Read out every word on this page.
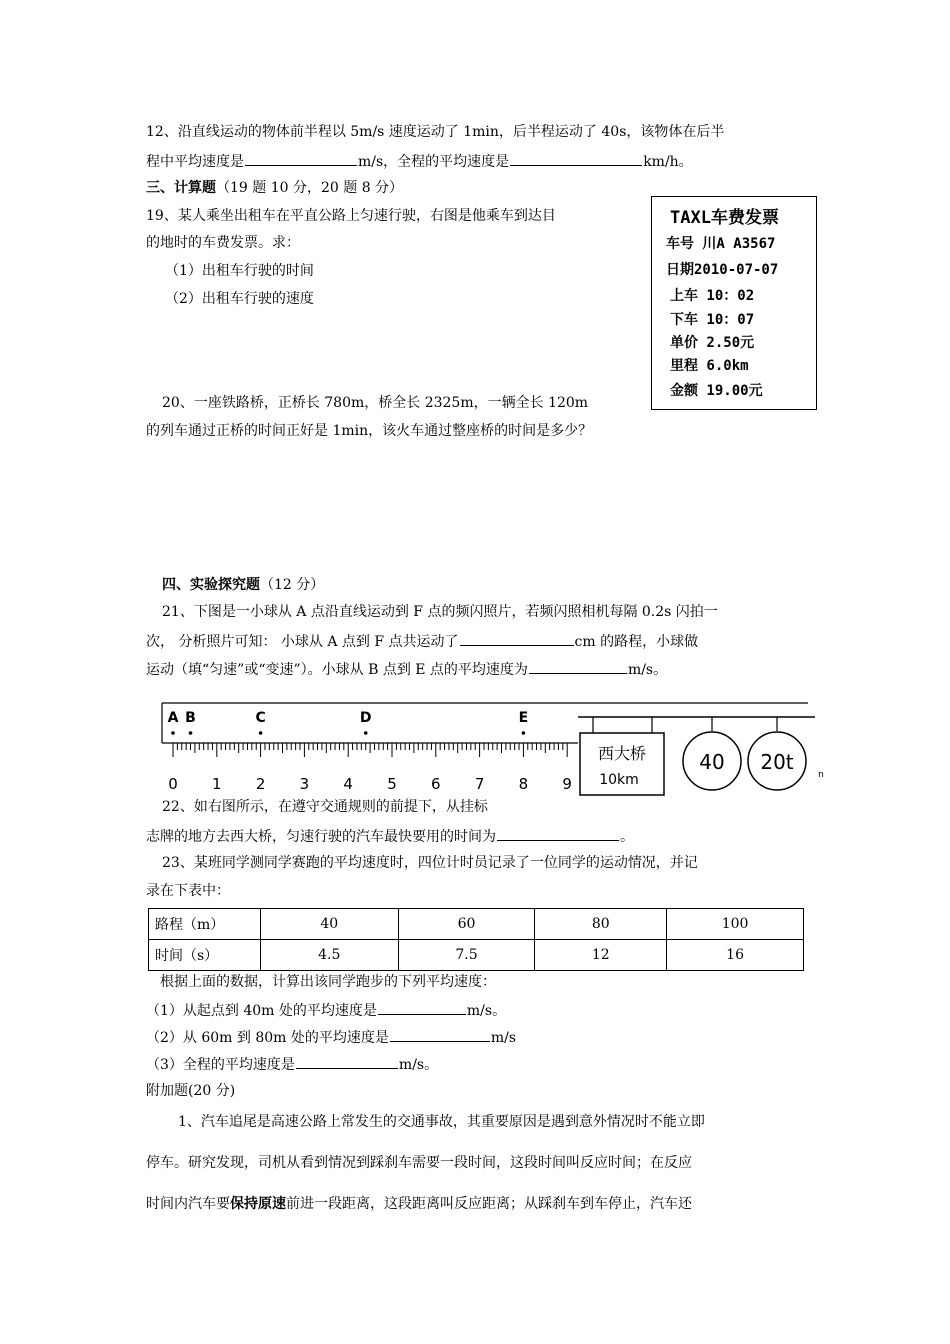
12、沿直线运动的物体前半程以 5m/s 速度运动了 1min，后半程运动了 40s，该物体在后半
程中平均速度是	m/s，全程的平均速度是	km/h。
三、计算题（19 题 10 分，20 题 8 分）
19、某人乘坐出租车在平直公路上匀速行驶，右图是他乘车到达目
的地时的车费发票。求：
（1）出租车行驶的时间
（2）出租车行驶的速度
TAXL车费发票
车号 川A A3567
日期2010-07-07
上车 10：02
下车 10：07
单价 2.50元
里程 6.0km
金额 19.00元
20、一座铁路桥，正桥长 780m，桥全长 2325m，一辆全长 120m
的列车通过正桥的时间正好是 1min，该火车通过整座桥的时间是多少？
四、实验探究题（12 分）
21、下图是一小球从 A 点沿直线运动到 F 点的频闪照片，若频闪照相机每隔 0.2s 闪拍一
次， 分析照片可知： 小球从 A 点到 F 点共运动了	cm 的路程，小球做
运动（填“匀速”或“变速”）。小球从 B 点到 E 点的平均速度为	m/s。
0 1 2 3 4 5 6 7 8 9
A B	C	D	E
西大桥
10km
40 20t
n
22、如右图所示，在遵守交通规则的前提下，从挂标
志牌的地方去西大桥，匀速行驶的汽车最快要用的时间为	。
23、某班同学测同学赛跑的平均速度时，四位计时员记录了一位同学的运动情况，并记
录在下表中：
路程（m）	40	60	80	100
时间（s）	4.5	7.5	12	16
根据上面的数据，计算出该同学跑步的下列平均速度：
（1）从起点到 40m 处的平均速度是	m/s。
（2）从 60m 到 80m 处的平均速度是	m/s
（3）全程的平均速度是	m/s。
附加题(20 分)
1、汽车追尾是高速公路上常发生的交通事故，其重要原因是遇到意外情况时不能立即
停车。研究发现，司机从看到情况到踩刹车需要一段时间，这段时间叫反应时间；在反应
时间内汽车要保持原速前进一段距离，这段距离叫反应距离；从踩刹车到车停止，汽车还
